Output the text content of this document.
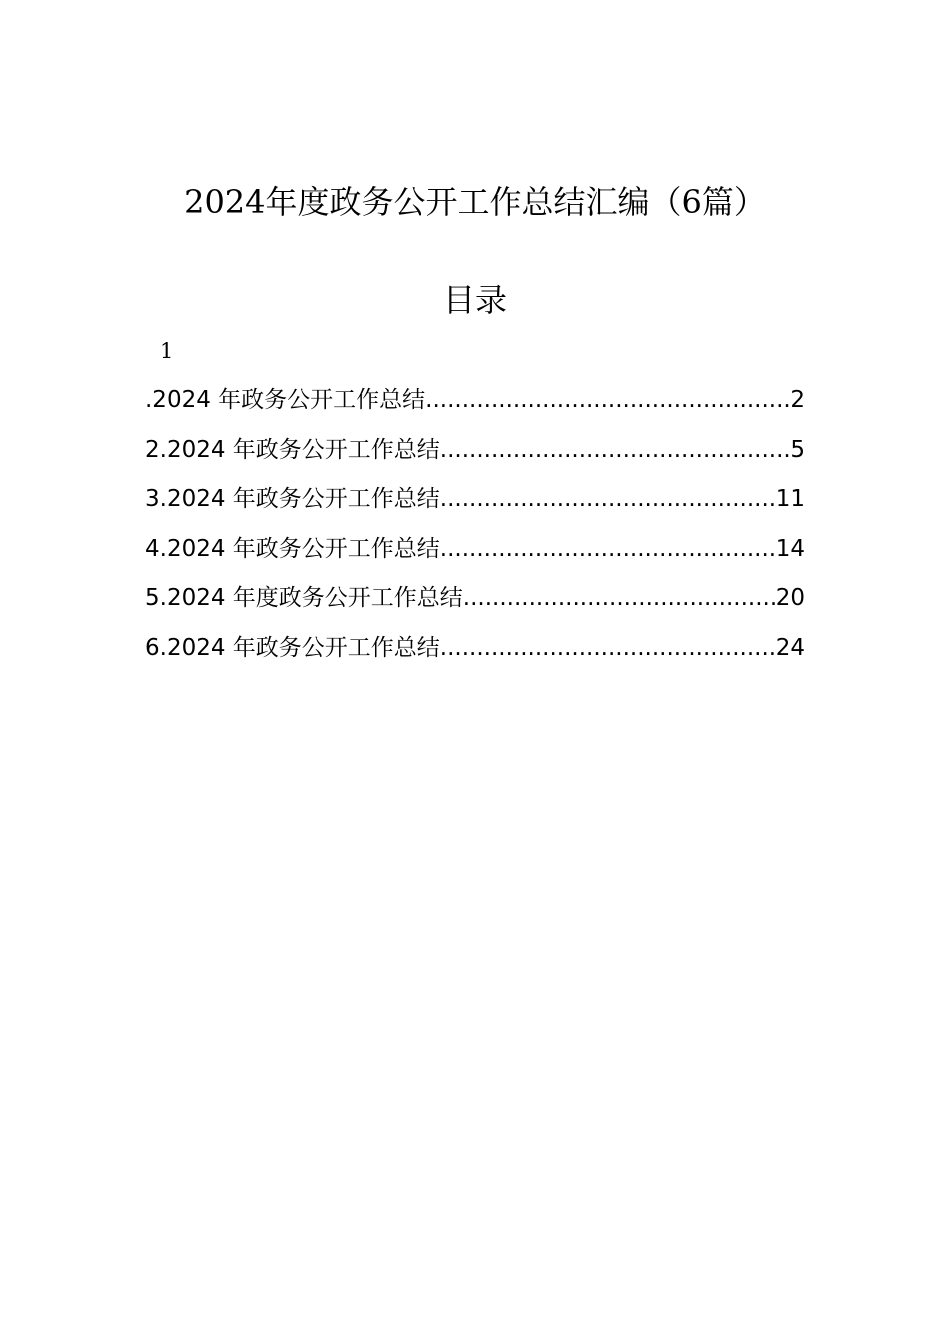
2024年度政务公开工作总结汇编（6篇）
目录
1
.2024 年政务公开工作总结 .....	2
2.2024 年政务公开工作总结 .....	5
3.2024 年政务公开工作总结 .....	11
4.2024 年政务公开工作总结 .....	14
5.2024 年度政务公开工作总结 .....	20
6.2024 年政务公开工作总结 .....	24
